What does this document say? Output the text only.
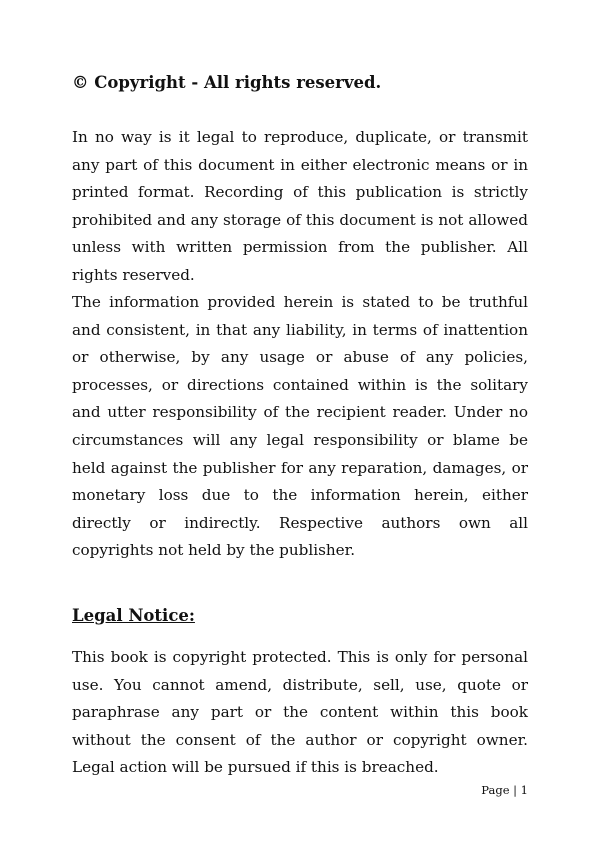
© Copyright - All rights reserved.

In no way is it legal to reproduce, duplicate, or transmit any part of this document in either electronic means or in printed format. Recording of this publication is strictly prohibited and any storage of this document is not allowed unless with written permission from the publisher. All rights reserved.

The information provided herein is stated to be truthful and consistent, in that any liability, in terms of inattention or otherwise, by any usage or abuse of any policies, processes, or directions contained within is the solitary and utter responsibility of the recipient reader. Under no circumstances will any legal responsibility or blame be held against the publisher for any reparation, damages, or monetary loss due to the information herein, either directly or indirectly. Respective authors own all copyrights not held by the publisher.

Legal Notice:

This book is copyright protected. This is only for personal use. You cannot amend, distribute, sell, use, quote or paraphrase any part or the content within this book without the consent of the author or copyright owner. Legal action will be pursued if this is breached.

Page | 1
